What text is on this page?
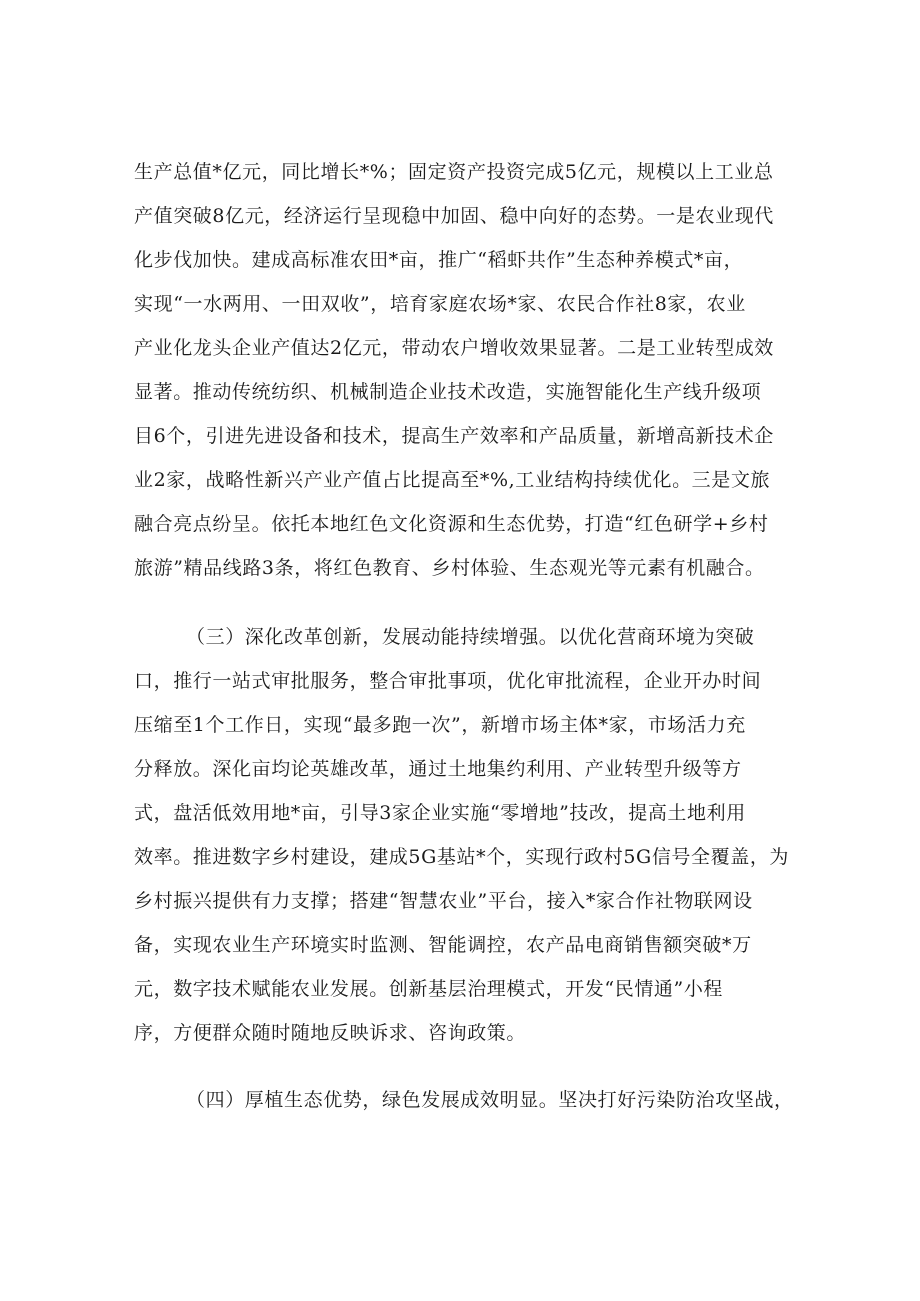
生产总值*亿元，同比增长*%；固定资产投资完成5亿元，规模以上工业总
产值突破8亿元，经济运行呈现稳中加固、稳中向好的态势。一是农业现代
化步伐加快。建成高标准农田*亩，推广“稻虾共作”生态种养模式*亩，
实现“一水两用、一田双收”，培育家庭农场*家、农民合作社8家，农业
产业化龙头企业产值达2亿元，带动农户增收效果显著。二是工业转型成效
显著。推动传统纺织、机械制造企业技术改造，实施智能化生产线升级项
目6个，引进先进设备和技术，提高生产效率和产品质量，新增高新技术企
业2家，战略性新兴产业产值占比提高至*%,工业结构持续优化。三是文旅
融合亮点纷呈。依托本地红色文化资源和生态优势，打造“红色研学+乡村
旅游”精品线路3条，将红色教育、乡村体验、生态观光等元素有机融合。
（三）深化改革创新，发展动能持续增强。以优化营商环境为突破
口，推行一站式审批服务，整合审批事项，优化审批流程，企业开办时间
压缩至1个工作日，实现“最多跑一次”，新增市场主体*家，市场活力充
分释放。深化亩均论英雄改革，通过土地集约利用、产业转型升级等方
式，盘活低效用地*亩，引导3家企业实施“零增地”技改，提高土地利用
效率。推进数字乡村建设，建成5G基站*个，实现行政村5G信号全覆盖，为
乡村振兴提供有力支撑；搭建“智慧农业”平台，接入*家合作社物联网设
备，实现农业生产环境实时监测、智能调控，农产品电商销售额突破*万
元，数字技术赋能农业发展。创新基层治理模式，开发“民情通”小程
序，方便群众随时随地反映诉求、咨询政策。
（四）厚植生态优势，绿色发展成效明显。坚决打好污染防治攻坚战，
